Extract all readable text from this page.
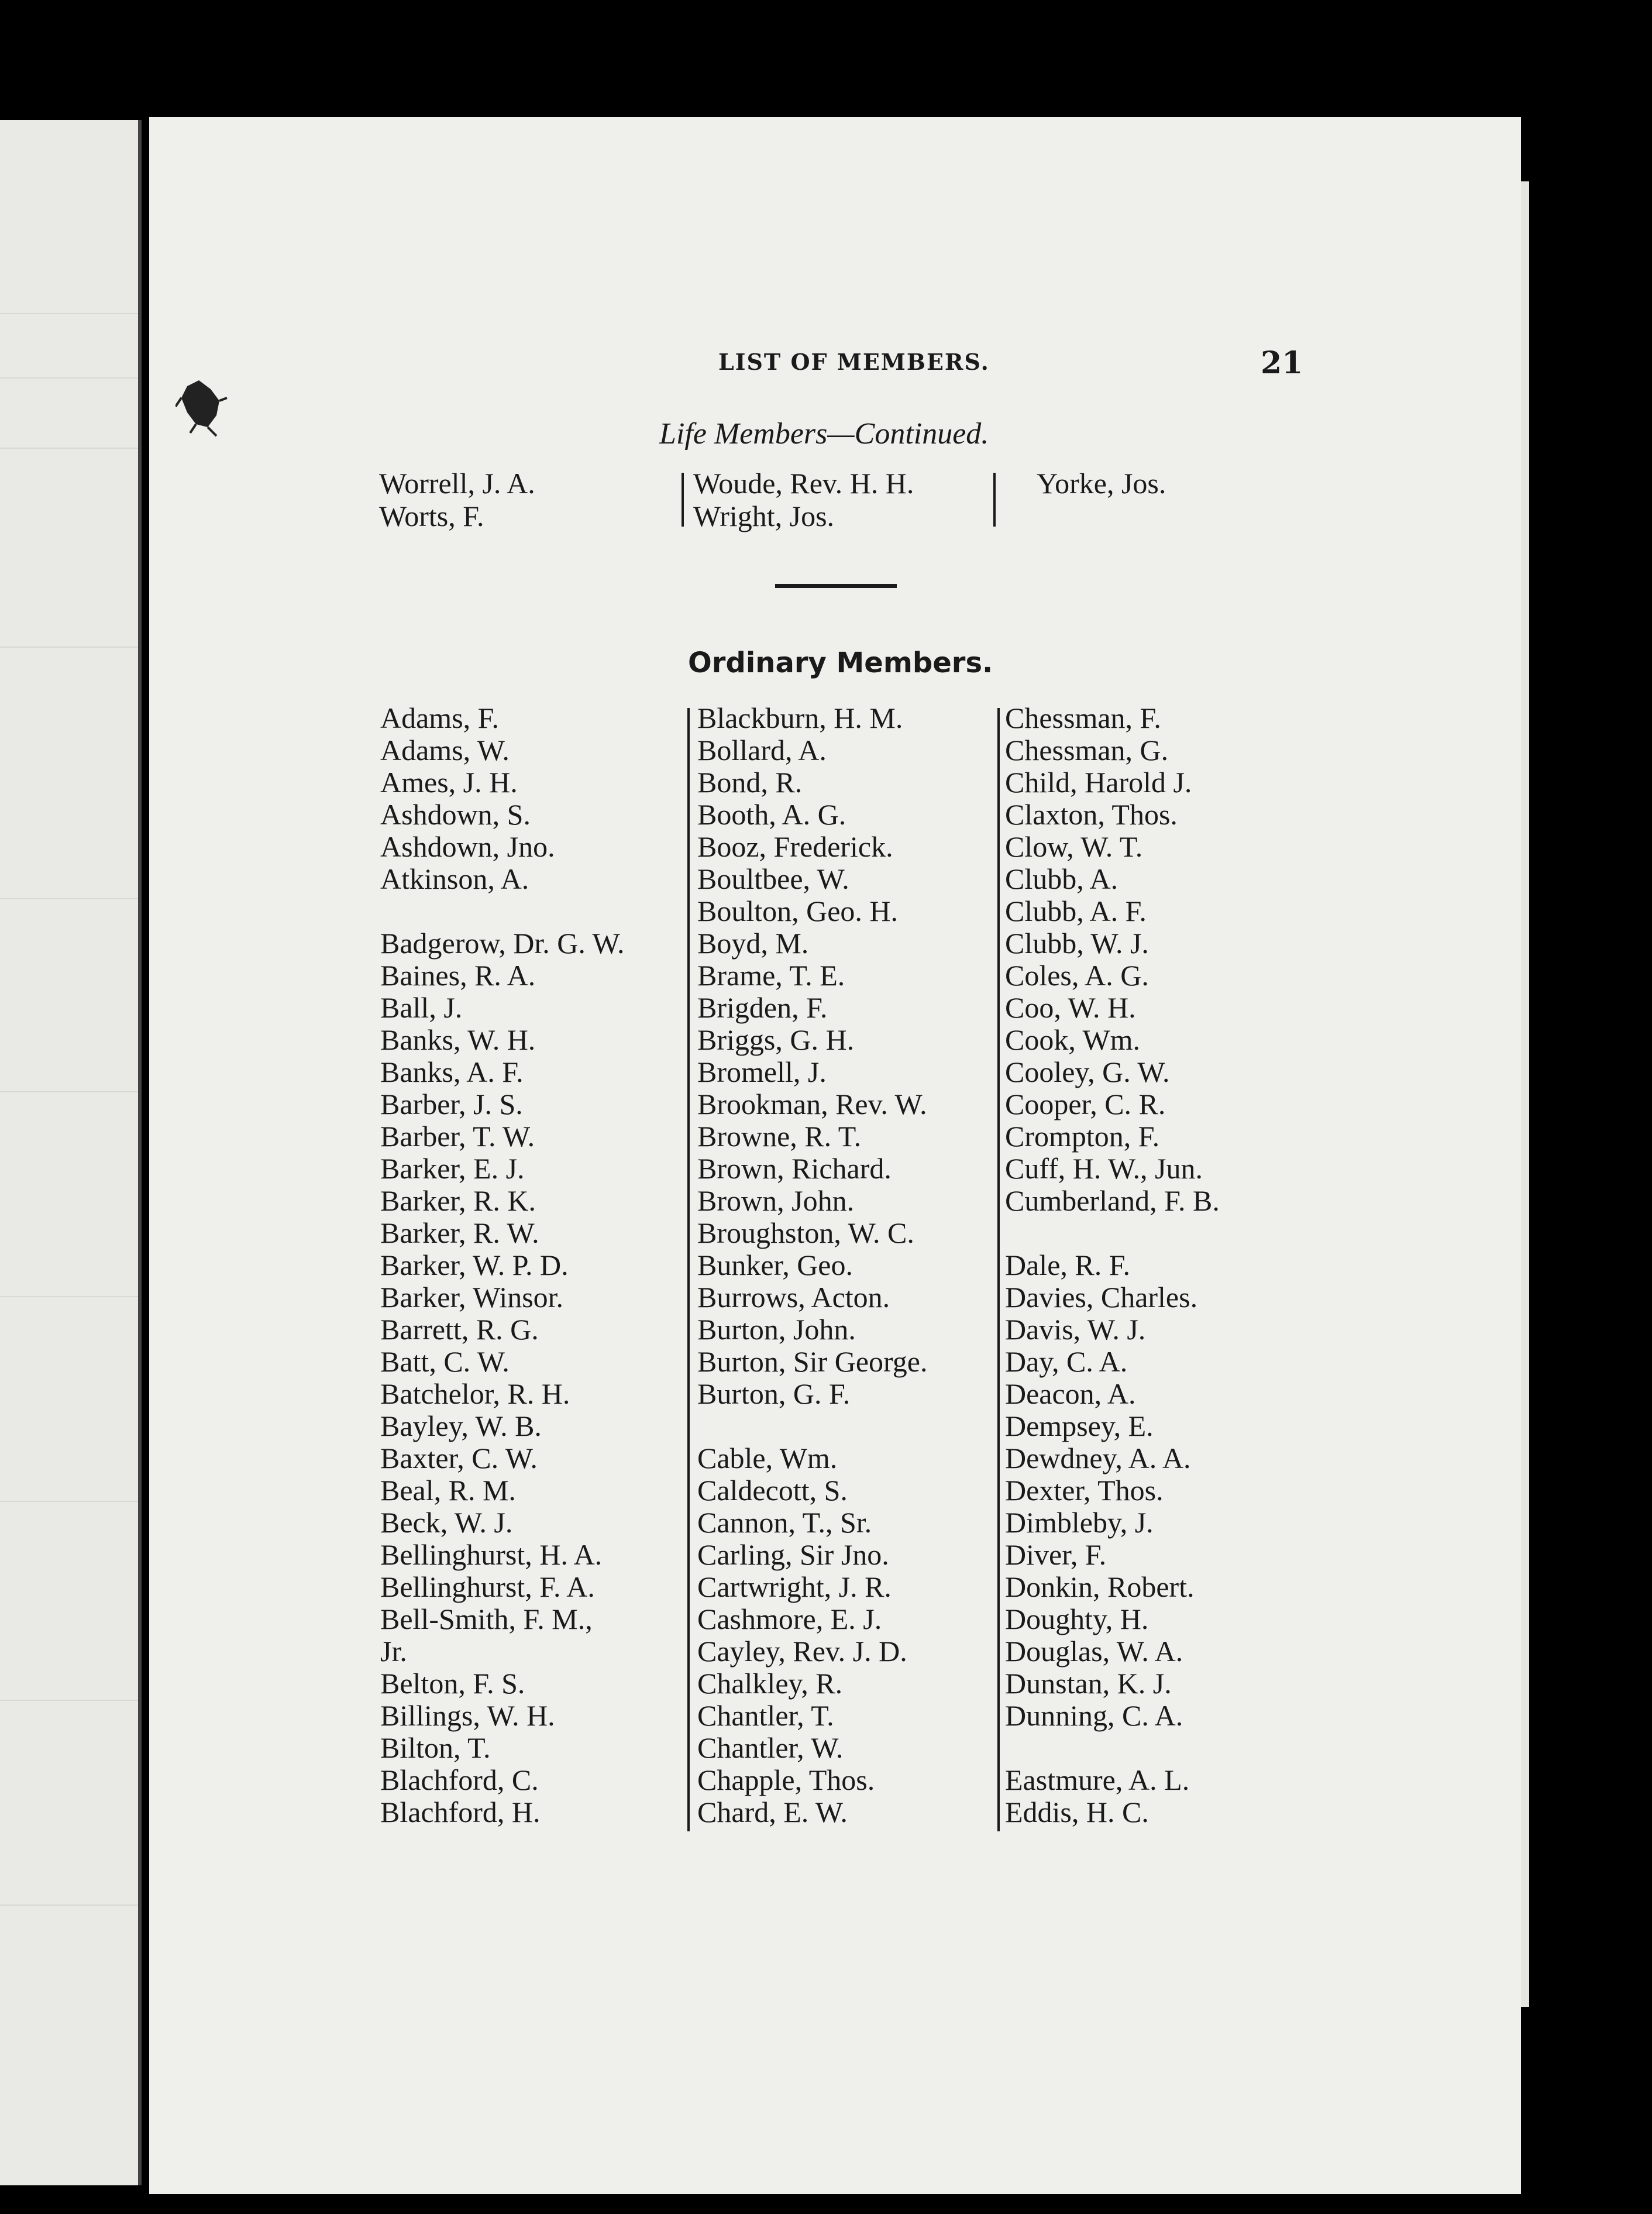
LIST OF MEMBERS.	21
Life Members—Continued.
Worrell, J. A.
Worts, F.
Woude, Rev. H. H.
Wright, Jos.
Yorke, Jos.
Ordinary Members.
Adams, F.
Adams, W.
Ames, J. H.
Ashdown, S.
Ashdown, Jno.
Atkinson, A.
Badgerow, Dr. G. W.
Baines, R. A.
Ball, J.
Banks, W. H.
Banks, A. F.
Barber, J. S.
Barber, T. W.
Barker, E. J.
Barker, R. K.
Barker, R. W.
Barker, W. P. D.
Barker, Winsor.
Barrett, R. G.
Batt, C. W.
Batchelor, R. H.
Bayley, W. B.
Baxter, C. W.
Beal, R. M.
Beck, W. J.
Bellinghurst, H. A.
Bellinghurst, F. A.
Bell-Smith, F. M.,
Jr.
Belton, F. S.
Billings, W. H.
Bilton, T.
Blachford, C.
Blachford, H.
Blackburn, H. M.
Bollard, A.
Bond, R.
Booth, A. G.
Booz, Frederick.
Boultbee, W.
Boulton, Geo. H.
Boyd, M.
Brame, T. E.
Brigden, F.
Briggs, G. H.
Bromell, J.
Brookman, Rev. W.
Browne, R. T.
Brown, Richard.
Brown, John.
Broughston, W. C.
Bunker, Geo.
Burrows, Acton.
Burton, John.
Burton, Sir George.
Burton, G. F.
Cable, Wm.
Caldecott, S.
Cannon, T., Sr.
Carling, Sir Jno.
Cartwright, J. R.
Cashmore, E. J.
Cayley, Rev. J. D.
Chalkley, R.
Chantler, T.
Chantler, W.
Chapple, Thos.
Chard, E. W.
Chessman, F.
Chessman, G.
Child, Harold J.
Claxton, Thos.
Clow, W. T.
Clubb, A.
Clubb, A. F.
Clubb, W. J.
Coles, A. G.
Coo, W. H.
Cook, Wm.
Cooley, G. W.
Cooper, C. R.
Crompton, F.
Cuff, H. W., Jun.
Cumberland, F. B.
Dale, R. F.
Davies, Charles.
Davis, W. J.
Day, C. A.
Deacon, A.
Dempsey, E.
Dewdney, A. A.
Dexter, Thos.
Dimbleby, J.
Diver, F.
Donkin, Robert.
Doughty, H.
Douglas, W. A.
Dunstan, K. J.
Dunning, C. A.
Eastmure, A. L.
Eddis, H. C.
